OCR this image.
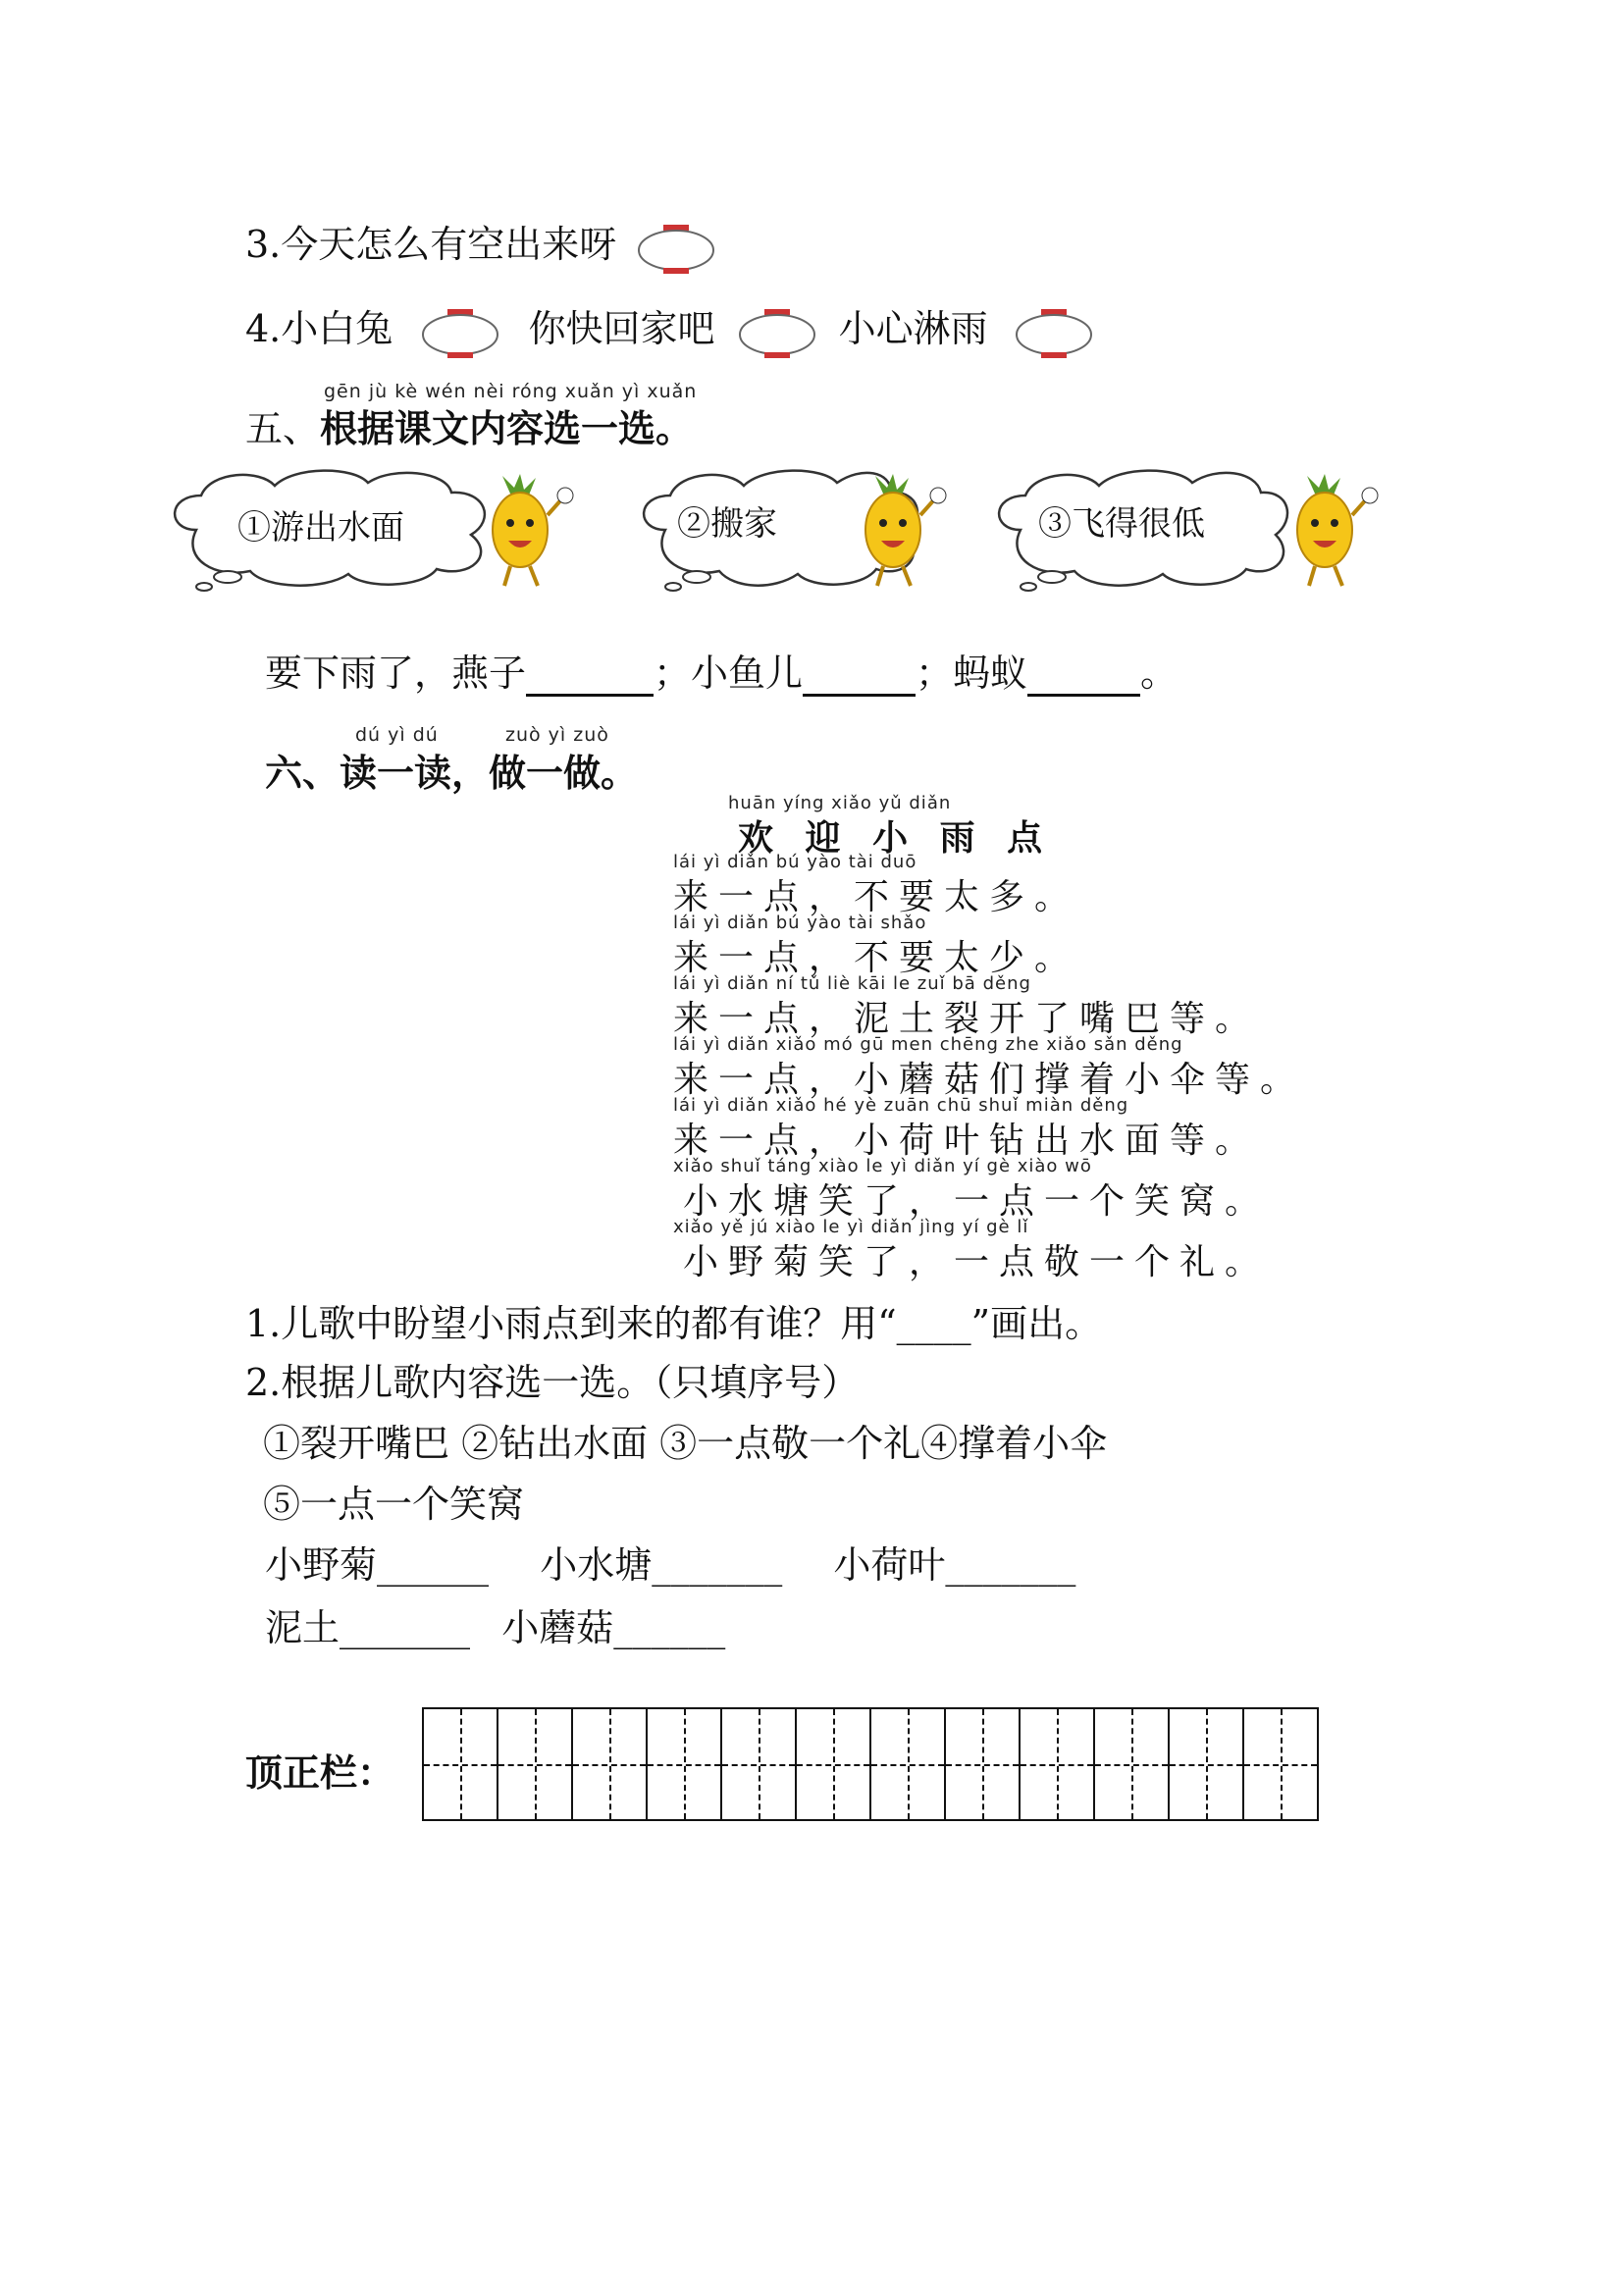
3.今天怎么有空出来呀
4.小白兔	你快回家吧	小心淋雨
gēn jù kè wén nèi róng xuǎn yì xuǎn
五、根据课文内容选一选。
①游出水面	②搬家	③飞得很低
要下雨了，燕子	；小鱼儿	；蚂蚁	。
dú yì dú	zuò yì zuò
六、读一读，做一做。
huān yíng xiǎo yǔ diǎn
欢 迎 小 雨 点
lái yì diǎn bú yào tài duō
来一点，不要太多。
lái yì diǎn bú yào tài shǎo
来一点，不要太少。
lái yì diǎn ní tǔ liè kāi le zuǐ bā děng
来一点，泥土裂开了嘴巴等。
lái yì diǎn xiǎo mó gū men chēng zhe xiǎo sǎn děng
来一点，小蘑菇们撑着小伞等。
lái yì diǎn xiǎo hé yè zuān chū shuǐ miàn děng
来一点，小荷叶钻出水面等。
xiǎo shuǐ táng xiào le yì diǎn yí gè xiào wō
小水塘笑了，一点一个笑窝。
xiǎo yě jú xiào le yì diǎn jìng yí gè lǐ
小野菊笑了，一点敬一个礼。
1.儿歌中盼望小雨点到来的都有谁？用“____”画出。
2.根据儿歌内容选一选。（只填序号）
①裂开嘴巴 ②钻出水面 ③一点敬一个礼④撑着小伞
⑤一点一个笑窝
小野菊______ 小水塘_______ 小荷叶_______
泥土_______ 小蘑菇______
顶正栏：
